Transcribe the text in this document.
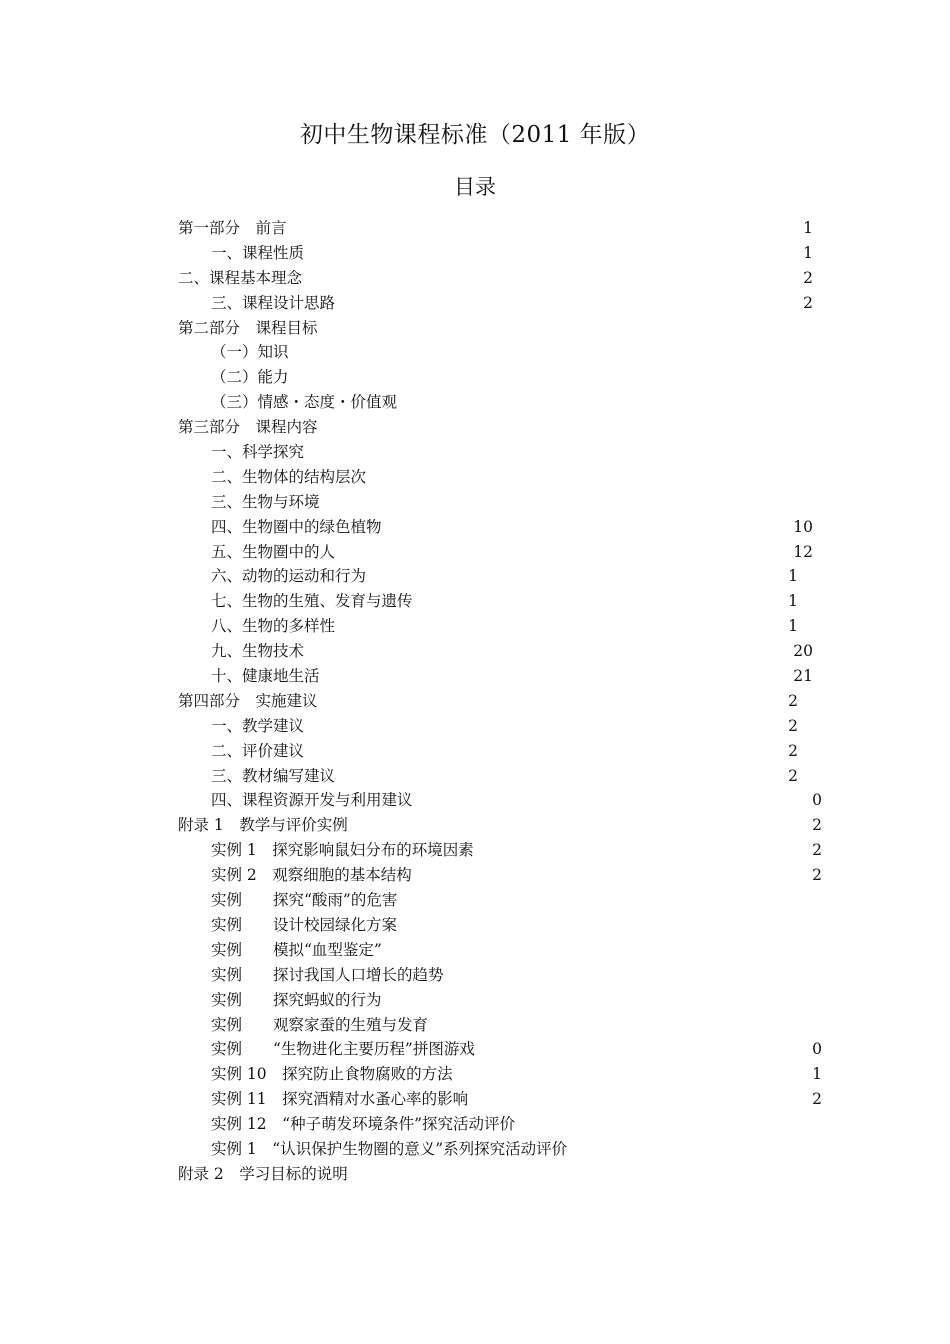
初中生物课程标准（2011 年版）
目录
第一部分　前言	1
一、课程性质	1
二、课程基本理念	2
三、课程设计思路	2
第二部分　课程目标
（一）知识
（二）能力
（三）情感・态度・价值观
第三部分　课程内容
一、科学探究
二、生物体的结构层次
三、生物与环境
四、生物圈中的绿色植物	10
五、生物圈中的人	12
六、动物的运动和行为	1
七、生物的生殖、发育与遗传	1
八、生物的多样性	1
九、生物技术	20
十、健康地生活	21
第四部分　实施建议	2
一、教学建议	2
二、评价建议	2
三、教材编写建议	2
四、课程资源开发与利用建议	0
附录 1　教学与评价实例	2
实例 1　探究影响鼠妇分布的环境因素	2
实例 2　观察细胞的基本结构	2
实例　　探究“酸雨”的危害
实例　　设计校园绿化方案
实例　　模拟“血型鉴定”
实例　　探讨我国人口增长的趋势
实例　　探究蚂蚁的行为
实例　　观察家蚕的生殖与发育
实例　　“生物进化主要历程”拼图游戏	0
实例 10　探究防止食物腐败的方法	1
实例 11　探究酒精对水蚤心率的影响	2
实例 12　“种子萌发环境条件”探究活动评价
实例 1　“认识保护生物圈的意义”系列探究活动评价
附录 2　学习目标的说明
